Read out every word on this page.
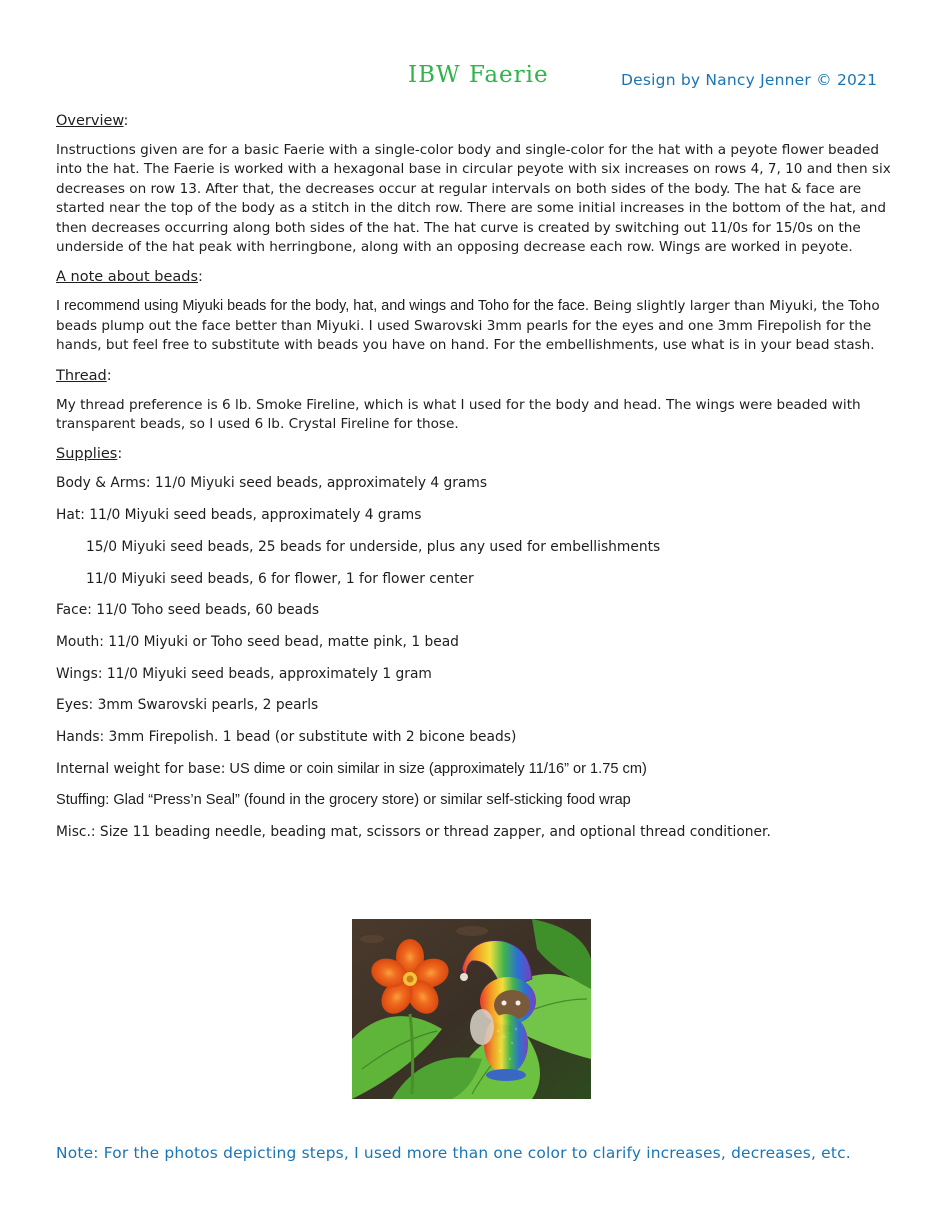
IBW Faerie	Design by Nancy Jenner © 2021
Overview:

Instructions given are for a basic Faerie with a single-color body and single-color for the hat with a peyote flower beaded into the hat. The Faerie is worked with a hexagonal base in circular peyote with six increases on rows 4, 7, 10 and then six decreases on row 13. After that, the decreases occur at regular intervals on both sides of the body. The hat & face are started near the top of the body as a stitch in the ditch row. There are some initial increases in the bottom of the hat, and then decreases occurring along both sides of the hat. The hat curve is created by switching out 11/0s for 15/0s on the underside of the hat peak with herringbone, along with an opposing decrease each row. Wings are worked in peyote.

A note about beads:

I recommend using Miyuki beads for the body, hat, and wings and Toho for the face. Being slightly larger than Miyuki, the Toho beads plump out the face better than Miyuki. I used Swarovski 3mm pearls for the eyes and one 3mm Firepolish for the hands, but feel free to substitute with beads you have on hand. For the embellishments, use what is in your bead stash.

Thread:

My thread preference is 6 lb. Smoke Fireline, which is what I used for the body and head. The wings were beaded with transparent beads, so I used 6 lb. Crystal Fireline for those.

Supplies:
Body & Arms: 11/0 Miyuki seed beads, approximately 4 grams
Hat: 11/0 Miyuki seed beads, approximately 4 grams
15/0 Miyuki seed beads, 25 beads for underside, plus any used for embellishments
11/0 Miyuki seed beads, 6 for flower, 1 for flower center
Face: 11/0 Toho seed beads, 60 beads
Mouth: 11/0 Miyuki or Toho seed bead, matte pink, 1 bead
Wings: 11/0 Miyuki seed beads, approximately 1 gram
Eyes: 3mm Swarovski pearls, 2 pearls
Hands: 3mm Firepolish. 1 bead (or substitute with 2 bicone beads)
Internal weight for base: US dime or coin similar in size (approximately 11/16” or 1.75 cm)
Stuffing: Glad “Press’n Seal” (found in the grocery store) or similar self-sticking food wrap
Misc.: Size 11 beading needle, beading mat, scissors or thread zapper, and optional thread conditioner.
Note: For the photos depicting steps, I used more than one color to clarify increases, decreases, etc.
